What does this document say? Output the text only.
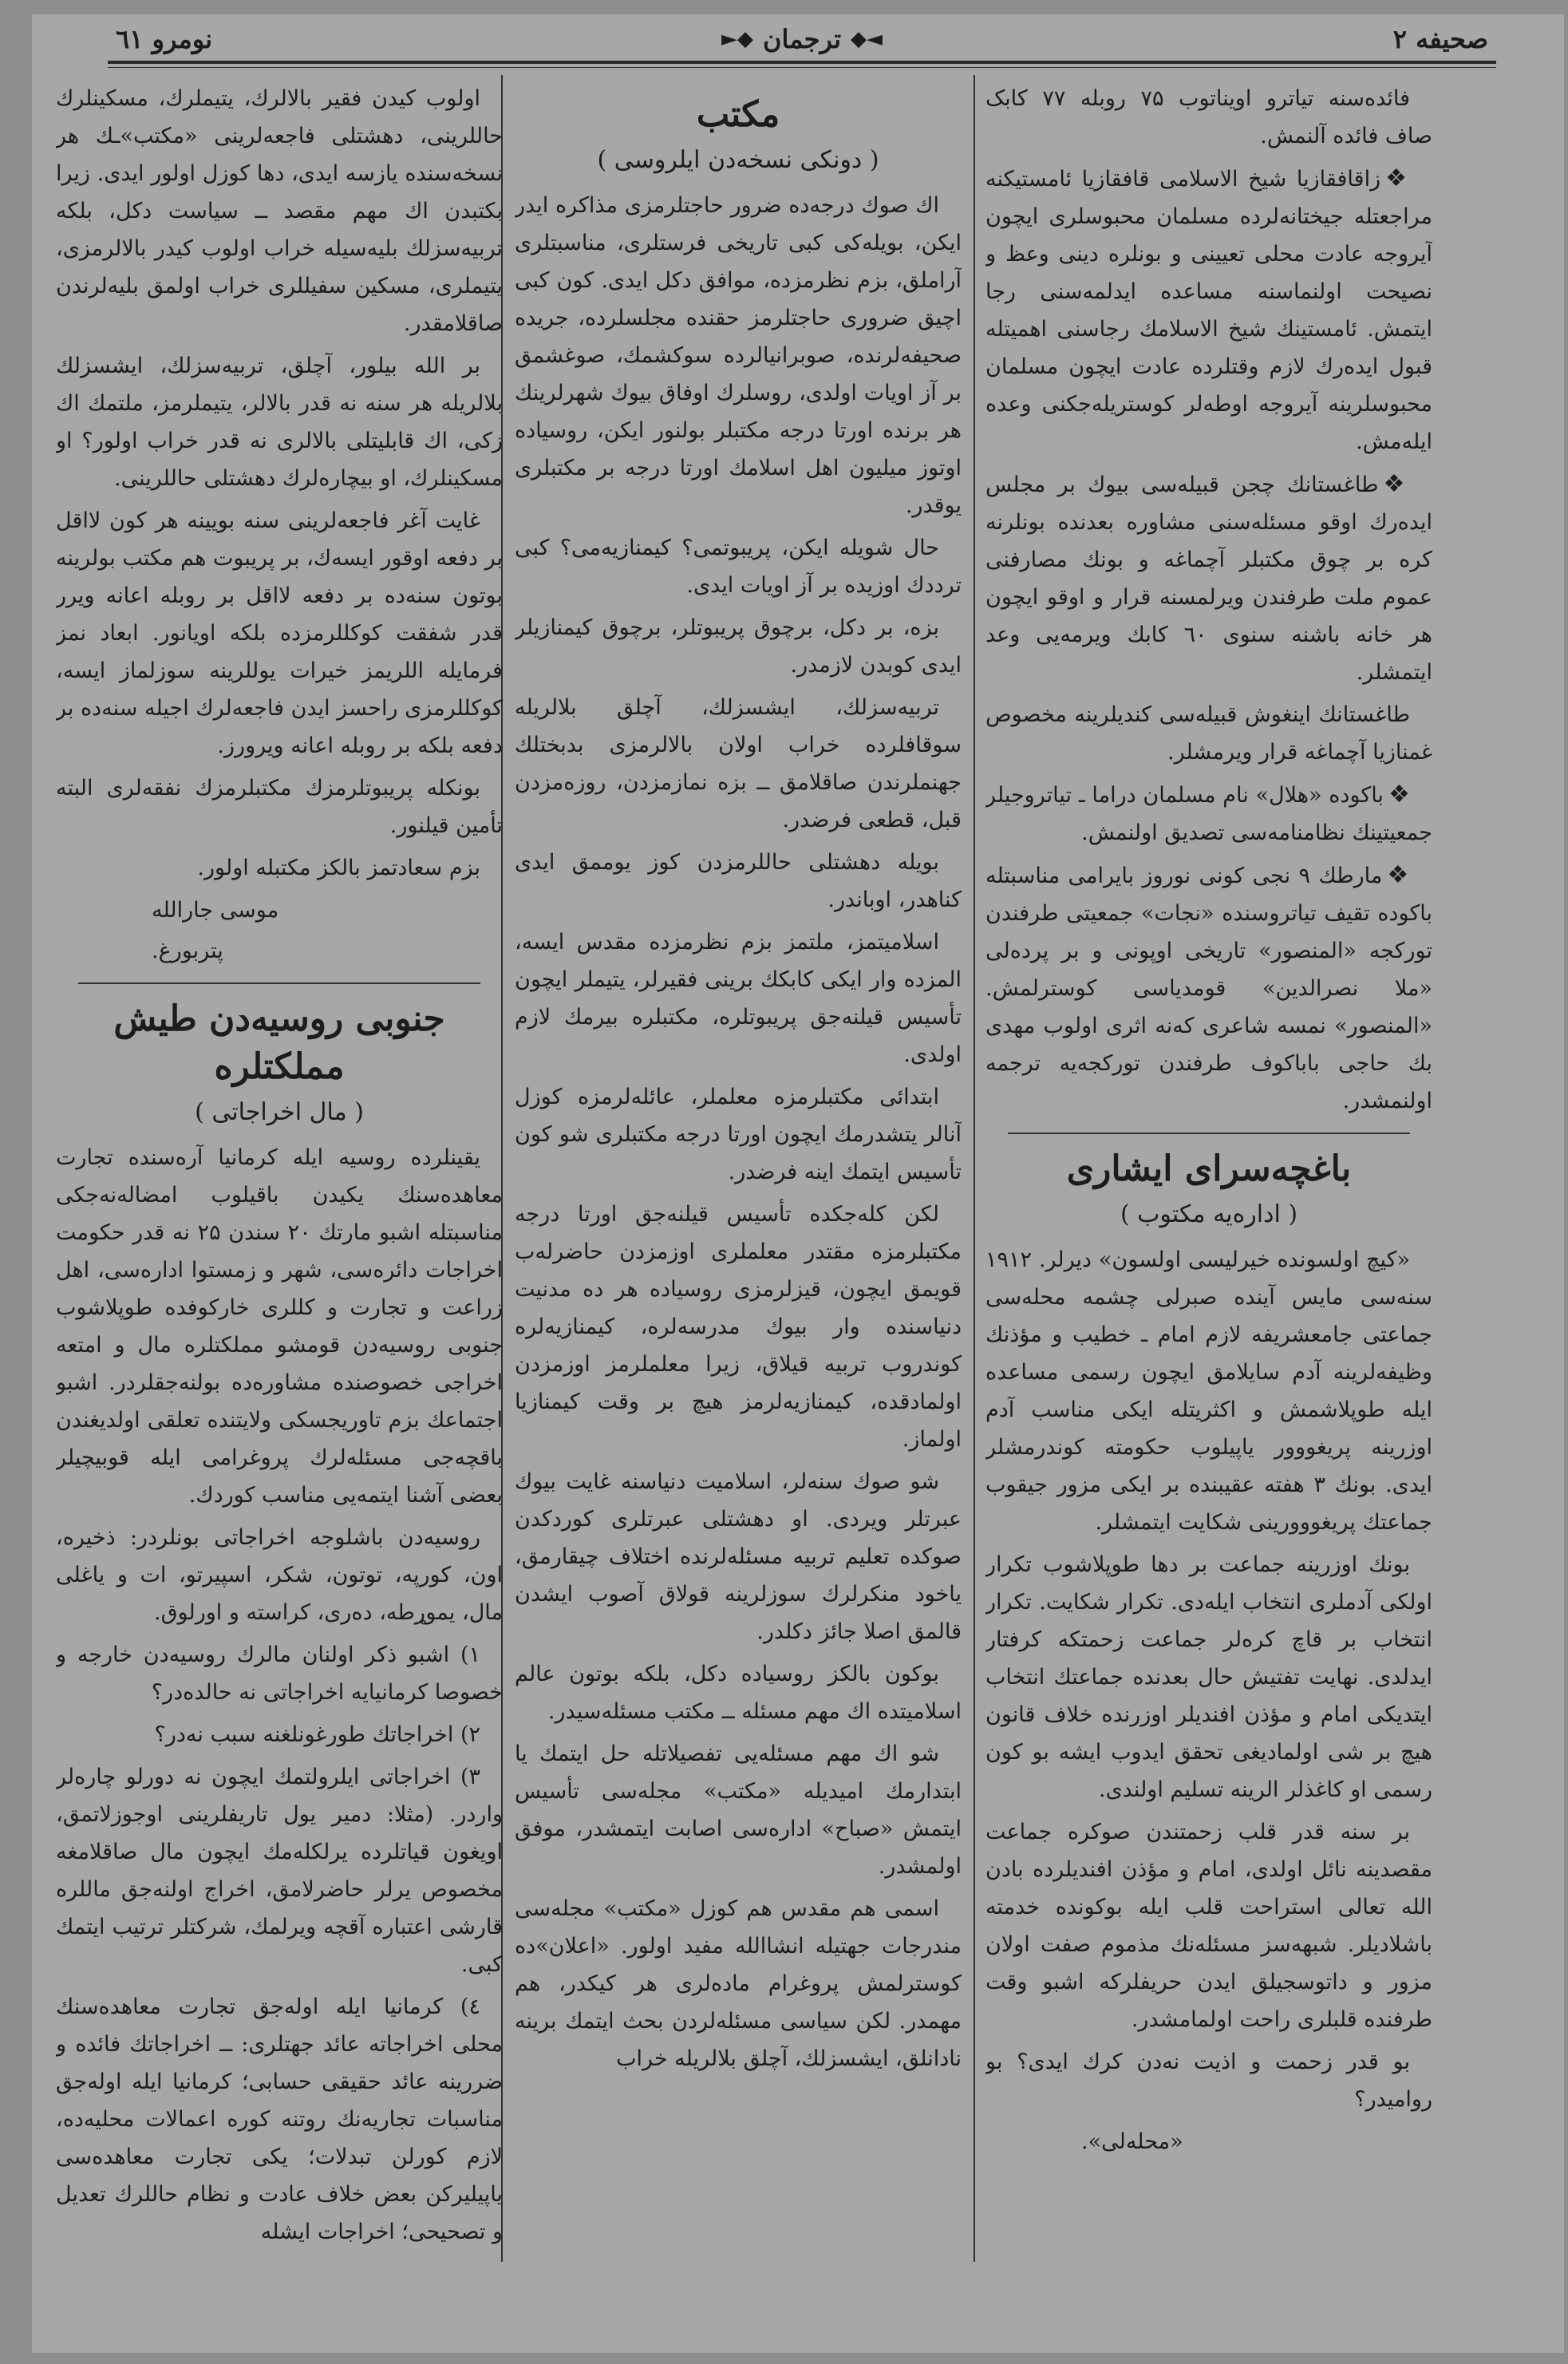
صحیفه ۲
◄◆
ترجمان
◆►
نومرو ٦١

فائدەسنە تیاترو اویناتوب ۷۵ روبلە ۷۷ کابک صاف فائدە آلنمش.

❖زاقافقازیا شیخ الاسلامی قافقازیا ئامستیکنە مراجعتلە جیختانەلردە مسلمان محبوسلری ایچون آیروجە عادت محلی تعیینی و بونلرە دینی وعظ و نصیحت اولنماسنە مساعدە ایدلمەسنی رجا ایتمش. ئامستینك شیخ الاسلامك رجاسنی اهمیتلە قبول ایدەرك لازم وقتلردە عادت ایچون مسلمان محبوسلرینە آیروجە اوطەلر کوستریلەجکنی وعدە ایلەمش.

❖طاغستانك چجن قبیلەسی بیوك بر مجلس ایدەرك اوقو مسئلەسنی مشاورە بعدندە بونلرنە کرە بر چوق مکتبلر آچماغە و بونك مصارفنی عموم ملت طرفندن ویرلمسنە قرار و اوقو ایچون هر خانە باشنە سنوی ٦۰ کابك ویرمەیی وعد ایتمشلر.

طاغستانك اینغوش قبیلەسی کندیلرینە مخصوص غمنازیا آچماغە قرار ویرمشلر.

❖باکودە «هلال» نام مسلمان دراما ـ تیاتروجیلر جمعیتینك نظامنامەسی تصدیق اولنمش.

❖مارطك ۹ نجی کونی نوروز بایرامی مناسبتلە باکودە تقیف تیاتروسندە «نجات» جمعیتی طرفندن تورکجە «المنصور» تاریخی اوپونی و بر پردەلی «ملا نصرالدین» قومدیاسی کوسترلمش. «المنصور» نمسە شاعری کەنە اثری اولوب مهدی بك حاجی باباکوف طرفندن تورکجەیە ترجمە اولنمشدر.

باغچەسرای ایشاری
( ادارەیە مکتوب )

«کیچ اولسونده خیرلیسی اولسون» دیرلر. ۱۹۱۲ سنەسی مایس آیندە صبرلی چشمە محلەسی جماعتی جامعشریفە لازم امام ـ خطیب و مؤذنك وظیفەلرینە آدم سایلامق ایچون رسمی مساعدە ایلە طوپلاشمش و اکثریتلە ایکی مناسب آدم اوزرینە پریغووور یاپیلوب حکومتە کوندرمشلر ایدی. بونك ۳ هفتە عقیبندە بر ایکی مزور جیقوب جماعتك پریغووورینی شکایت ایتمشلر.

بونك اوزرینە جماعت بر دها طوپلاشوب تکرار اولکی آدملری انتخاب ایلەدی. تکرار شکایت. تکرار انتخاب بر قاچ کرەلر جماعت زحمتکە کرفتار ایدلدی. نهایت تفتیش حال بعدندە جماعتك انتخاب ایتدیکی امام و مؤذن افندیلر اوزرندە خلاف قانون هیچ بر شی اولمادیغی تحقق ایدوب ایشە بو کون رسمی او کاغذلر الرینە تسلیم اولندی.

بر سنە قدر قلب زحمتندن صوکرە جماعت مقصدینە نائل اولدی، امام و مؤذن افندیلردە بادن اللە تعالی استراحت قلب ایلە بوکوندە خدمتە باشلادیلر. شبهەسز مسئلەنك مذموم صفت اولان مزور و داتوسجیلق ایدن حریفلرکە اشبو وقت طرفندە قلبلری راحت اولمامشدر.

بو قدر زحمت و اذیت نەدن کرك ایدی؟ بو روامیدر؟

«محلەلی».

مکتب
( دونکی نسخەدن ایلروسی )

اك صوك درجەدە ضرور حاجتلرمزی مذاکرە ایدر ایکن، بویلەکی کبی تاریخی فرستلری، مناسبتلری آراملق، بزم نظرمزدە، موافق دکل ایدی. کون کبی اچیق ضروری حاجتلرمز حقندە مجلسلردە، جریدە صحیفەلرندە، صوبرانیالردە سوکشمك، صوغشمق بر آز اویات اولدی، روسلرك اوفاق بیوك شهرلرینك هر برندە اورتا درجە مکتبلر بولنور ایکن، روسیادە اوتوز میلیون اهل اسلامك اورتا درجە بر مکتبلری یوقدر.

حال شویلە ایکن، پریبوتمی؟ کیمنازیەمی؟ کبی ترددك اوزیدە بر آز اویات ایدی.

بزە، بر دکل، برچوق پریبوتلر، برچوق کیمنازیلر ایدی کوبدن لازمدر.

تربیەسزلك، ایشسزلك، آچلق بلالریلە سوقافلردە خراب اولان بالالرمزی بدبختلك جهنملرندن صاقلامق ــ بزە نمازمزدن، روزەمزدن قبل، قطعی فرضدر.

بویلە دهشتلی حاللرمزدن کوز یوممق ایدی کناهدر، اوباندر.

اسلامیتمز، ملتمز بزم نظرمزدە مقدس ایسە، المزدە وار ایکی کابکك برینی فقیرلر، یتیملر ایچون تأسیس قیلنەجق پریبوتلرە، مکتبلرە بیرمك لازم اولدی.

ابتدائی مکتبلرمزە معلملر، عائلەلرمزە کوزل آنالر یتشدرمك ایچون اورتا درجە مکتبلری شو کون تأسیس ایتمك اینە فرضدر.

لکن کلەجکدە تأسیس قیلنەجق اورتا درجە مکتبلرمزە مقتدر معلملری اوزمزدن حاضرلەب قویمق ایچون، قیزلرمزی روسیادە هر دە مدنیت دنیاسندە وار بیوك مدرسەلرە، کیمنازیەلرە کوندروب تربیە قیلاق، زیرا معلملرمز اوزمزدن اولمادقدە، کیمنازیەلرمز هیچ بر وقت کیمنازیا اولماز.

شو صوك سنەلر، اسلامیت دنیاسنە غایت بیوك عبرتلر ویردی. او دهشتلی عبرتلری کوردکدن صوکدە تعلیم تربیە مسئلەلرندە اختلاف چیقارمق، یاخود منکرلرك سوزلرینە قولاق آصوب ایشدن قالمق اصلا جائز دکلدر.

بوکون بالکز روسیادە دکل، بلکە بوتون عالم اسلامیتدە اك مهم مسئلە ــ مکتب مسئلەسیدر.

شو اك مهم مسئلەیی تفصیلاتلە حل ایتمك یا ابتدارمك امیدیلە «مکتب» مجلەسی تأسیس ایتمش «صباح» ادارەسی اصابت ایتمشدر، موفق اولمشدر.

اسمی هم مقدس هم کوزل «مکتب» مجلەسی مندرجات جهتیلە انشاالله مفید اولور. «اعلان»دە کوسترلمش پروغرام مادەلری هر کیکدر، هم مهمدر. لکن سیاسی مسئلەلردن بحث ایتمك برینە نادانلق، ایشسزلك، آچلق بلالریلە خراب

اولوب کیدن فقیر بالالرك، یتیملرك، مسکینلرك حاللرینی، دهشتلی فاجعەلرینی «مکتب»ـك هر نسخەسندە یازسە ایدی، دها کوزل اولور ایدی. زیرا بکتبدن اك مهم مقصد ــ سیاست دکل، بلکە تربیەسزلك بلیەسیلە خراب اولوب کیدر بالالرمزی، یتیملری، مسکین سفیللری خراب اولمق بلیەلرندن صاقلامقدر.

بر اللە بیلور، آچلق، تربیەسزلك، ایشسزلك بلالریلە هر سنە نە قدر بالالر، یتیملرمز، ملتمك اك زکی، اك قابلیتلی بالالری نە قدر خراب اولور؟ او مسکینلرك، او بیچارەلرك دهشتلی حاللرینی.

غایت آغر فاجعەلرینی سنە بویینە هر کون لااقل بر دفعە اوقور ایسەك، بر پریبوت هم مکتب بولرینە بوتون سنەدە بر دفعە لااقل بر روبلە اعانە ویرر قدر شفقت کوکللرمزدە بلکە اویانور. ابعاد نمز فرمایلە اللریمز خیرات یوللرینە سوزلماز ایسە، کوکللرمزی راحسز ایدن فاجعەلرك اجیلە سنەدە بر دفعە بلکە بر روبلە اعانە ویرورز.

بونکلە پریبوتلرمزك مکتبلرمزك نفقەلری البتە تأمین قیلنور.

بزم سعادتمز بالکز مکتبلە اولور.

موسی جاراللە

پتربورغ.

جنوبی روسیەدن طیش مملکتلرە
( مال اخراجاتی )

یقینلردە روسیە ایلە کرمانیا آرەسندە تجارت معاهدەسنك یکیدن باقیلوب امضالەنەجکی مناسبتلە اشبو مارتك ۲۰ سندن ۲۵ نە قدر حکومت اخراجات دائرەسی، شهر و زمستوا ادارەسی، اهل زراعت و تجارت و کللری خارکوفدە طوپلاشوب جنوبی روسیەدن قومشو مملکتلرە مال و امتعە اخراجی خصوصندە مشاورەدە بولنەجقلردر. اشبو اجتماعك بزم تاوریجسکی ولایتندە تعلقی اولدیغندن باقچەجی مسئلەلرك پروغرامی ایلە قوبیچیلر بعضی آشنا ایتمەیی مناسب کوردك.

روسیەدن باشلوجە اخراجاتی بونلردر: ذخیرە، اون، کورپە، توتون، شکر، اسپیرتو، ات و یاغلی مال، یموړطە، دەری، کراستە و اورلوق.

۱) اشبو ذکر اولنان مالرك روسیەدن خارجە و خصوصا کرمانیایە اخراجاتی نە حالدەدر؟

۲) اخراجاتك طورغونلغنە سبب نەدر؟

۳) اخراجاتی ایلرولتمك ایچون نە دورلو چارەلر واردر. (مثلا: دمیر یول تاریفلرینی اوجوزلاتمق، اویغون قیاتلردە یرلکلەمك ایچون مال صاقلامغە مخصوص یرلر حاضرلامق، اخراج اولنەجق ماللرە قارشی اعتبارە آقچە ویرلمك، شرکتلر ترتیب ایتمك کبی.

٤) کرمانیا ایلە اولەجق تجارت معاهدەسنك محلی اخراجاتە عائد جهتلری: ــ اخراجاتك فائدە و ضررینە عائد حقیقی حسابی؛ کرمانیا ایلە اولەجق مناسبات تجاریەنك روتنە کورە اعمالات محلیەدە، لازم کورلن تبدلات؛ یکی تجارت معاهدەسی یاپیلیرکن بعض خلاف عادت و نظام حاللرك تعدیل و تصحیحی؛ اخراجات ایشلە
